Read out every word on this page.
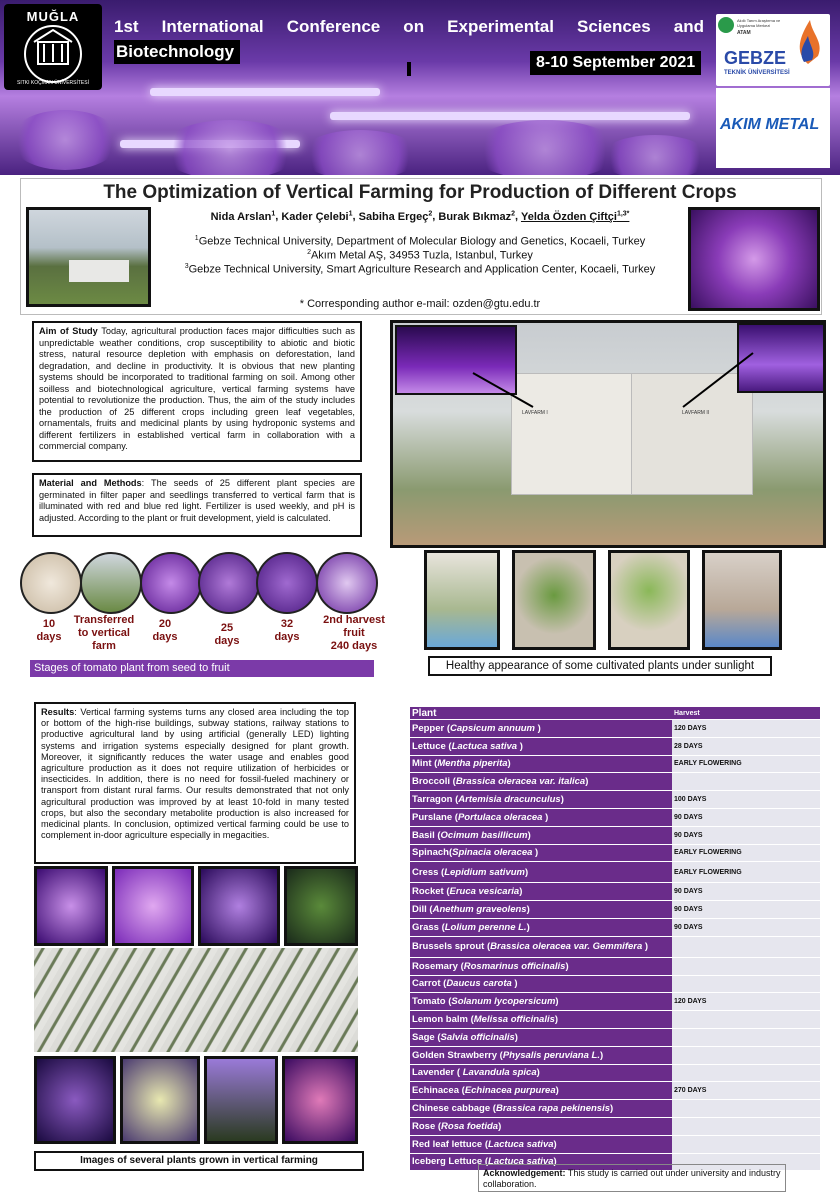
MUĞLA
SITKI KOÇMAN ÜNİVERSİTESİ
1st International Conference on Experimental Sciences and
Biotechnology
8-10 September 2021
Akıllı Tarım Araştırma ve Uygulama Merkezi
ATAM
GEBZE
TEKNİK ÜNİVERSİTESİ
AKIM METAL
The Optimization of Vertical Farming for Production of Different Crops
Nida Arslan$^1$, Kader Çelebi$^1$, Sabiha Ergeç$^2$, Burak Bıkmaz$^2$, Yelda Özden Çiftçi$^{1,3*}$
$^1$Gebze Technical University, Department of Molecular Biology and Genetics, Kocaeli, Turkey
$^2$Akım Metal AŞ, 34953 Tuzla, Istanbul, Turkey
$^3$Gebze Technical University, Smart Agriculture Research and Application Center, Kocaeli, Turkey
* Corresponding author e-mail: ozden@gtu.edu.tr
Aim of Study Today, agricultural production faces major difficulties such as unpredictable weather conditions, crop susceptibility to abiotic and biotic stress, natural resource depletion with emphasis on deforestation, land degradation, and decline in productivity. It is obvious that new planting systems should be incorporated to traditional farming on soil. Among other soilless and biotechnological agriculture, vertical farming systems have potential to revolutionize the production. Thus, the aim of the study includes the production of 25 different crops including green leaf vegetables, ornamentals, fruits and medicinal plants by using hydroponic systems and different fertilizers in established vertical farm in collaboration with a commercial company.
Material and Methods: The seeds of 25 different plant species are germinated in filter paper and seedlings transferred to vertical farm that is illuminated with red and blue red light. Fertilizer is used weekly, and pH is adjusted. According to the plant or fruit development, yield is calculated.
LAVFARM I	LAVFARM II
10
days
Transferred
to vertical
farm
20
days
25
days
32
days
2nd harvest
fruit
240 days
Stages of tomato plant from seed to fruit	Healthy appearance of some cultivated plants under sunlight
Results: Vertical farming systems turns any closed area including the top or bottom of the high-rise buildings, subway stations, railway stations to productive agricultural land by using artificial (generally LED) lighting systems and irrigation systems especially designed for plant growth. Moreover, it significantly reduces the water usage and enables good agriculture production as it does not require utilization of herbicides or insecticides. In addition, there is no need for fossil-fueled machinery or transport from distant rural farms. Our results demonstrated that not only agricultural production was improved by at least 10-fold in many tested crops, but also the secondary metabolite production is also increased for medicinal plants. In conclusion, optimized vertical farming could be use to complement in-door agriculture especially in megacities.
Images of several plants grown in vertical farming
Plant	Harvest
Pepper (Capsicum annuum )	120 DAYS
Lettuce (Lactuca sativa )	28 DAYS
Mint (Mentha piperita)	EARLY FLOWERING
Broccoli (Brassica oleracea var. italica)	
Tarragon (Artemisia dracunculus)	100 DAYS
Purslane (Portulaca oleracea )	90 DAYS
Basil (Ocimum basillicum)	90 DAYS
Spinach(Spinacia oleracea )	EARLY FLOWERING
Cress (Lepidium sativum)	EARLY FLOWERING
Rocket (Eruca vesicaria)	90 DAYS
Dill (Anethum graveolens)	90 DAYS
Grass (Lolium perenne L.)	90 DAYS
Brussels sprout (Brassica oleracea var. Gemmifera )	
Rosemary (Rosmarinus officinalis)	
Carrot (Daucus carota )	
Tomato (Solanum lycopersicum)	120 DAYS
Lemon balm (Melissa officinalis)	
Sage (Salvia officinalis)	
Golden Strawberry (Physalis peruviana L.)	
Lavender ( Lavandula spica)	
Echinacea (Echinacea purpurea)	270 DAYS
Chinese cabbage (Brassica rapa pekinensis)	
Rose (Rosa foetida)	
Red leaf lettuce (Lactuca sativa)	
Iceberg Lettuce (Lactuca sativa)	
Acknowledgement: This study is carried out under university and industry collaboration.
